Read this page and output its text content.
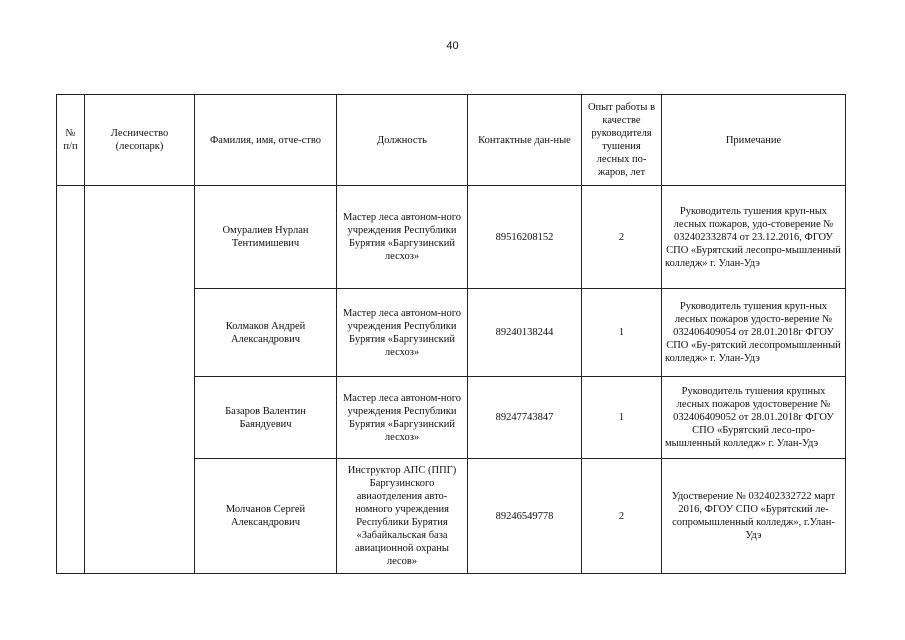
40
№ п/п	Лесничество (лесопарк)	Фамилия, имя, отче-ство	Должность	Контактные дан-ные	Опыт работы в качестве руководителя тушения лесных по-жаров, лет	Примечание
		Омуралиев Нурлан Тентимишевич	Мастер леса автоном-ного учреждения Республики Бурятия «Баргузинский лесхоз»	89516208152	2	Руководитель тушения круп-ных лесных пожаров, удо-стоверение № 032402332874 от 23.12.2016, ФГОУ СПО «Бурятский лесопро-мышленный колледж» г. Улан-Удэ
		Колмаков Андрей Александрович	Мастер леса автоном-ного учреждения Республики Бурятия «Баргузинский лесхоз»	89240138244	1	Руководитель тушения круп-ных лесных пожаров удосто-верение № 032406409054 от 28.01.2018г ФГОУ СПО «Бу-рятский лесопромышленный колледж» г. Улан-Удэ
		Базаров Валентин Баяндуевич	Мастер леса автоном-ного учреждения Республики Бурятия «Баргузинский лесхоз»	89247743847	1	Руководитель тушения крупных лесных пожаров удостоверение № 032406409052 от 28.01.2018г ФГОУ СПО «Бурятский лесо-про-мышленный колледж» г. Улан-Удэ
		Молчанов Сергей Александрович	Инструктор АПС (ППГ) Баргузинского авиаотделения авто-номного учреждения Республики Бурятия «Забайкальская база авиационной охраны лесов»	89246549778	2	Удостверение № 032402332722 март 2016, ФГОУ СПО «Бурятский ле-сопромышленный колледж», г.Улан-Удэ
